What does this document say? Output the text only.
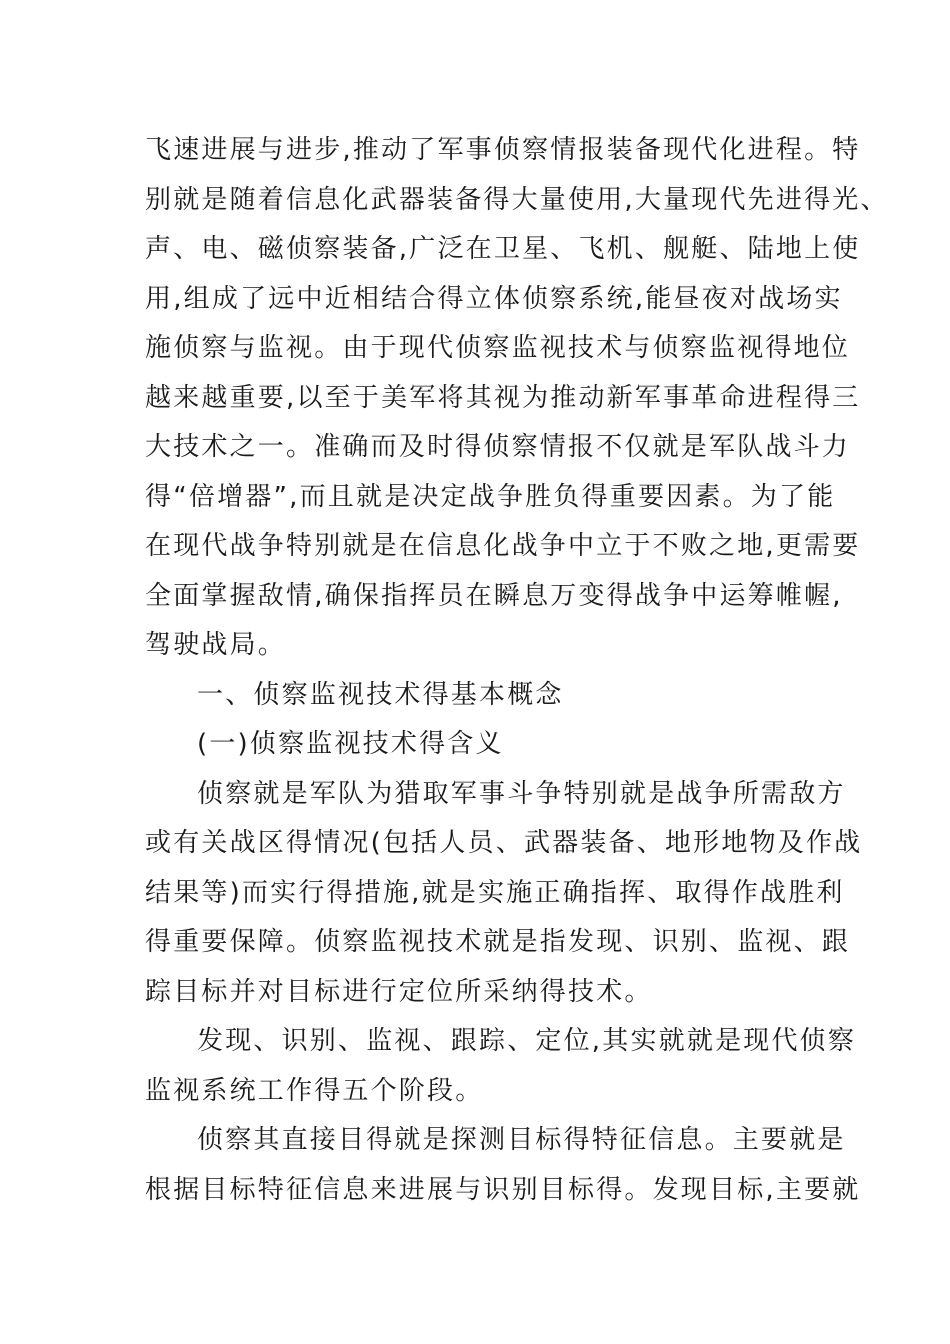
飞速进展与进步,推动了军事侦察情报装备现代化进程。特
别就是随着信息化武器装备得大量使用,大量现代先进得光、
声、电、磁侦察装备,广泛在卫星、飞机、舰艇、陆地上使
用,组成了远中近相结合得立体侦察系统,能昼夜对战场实
施侦察与监视。由于现代侦察监视技术与侦察监视得地位
越来越重要,以至于美军将其视为推动新军事革命进程得三
大技术之一。准确而及时得侦察情报不仅就是军队战斗力
得“倍增器”,而且就是决定战争胜负得重要因素。为了能
在现代战争特别就是在信息化战争中立于不败之地,更需要
全面掌握敌情,确保指挥员在瞬息万变得战争中运筹帷幄,
驾驶战局。
一、侦察监视技术得基本概念
(一)侦察监视技术得含义
侦察就是军队为猎取军事斗争特别就是战争所需敌方
或有关战区得情况(包括人员、武器装备、地形地物及作战
结果等)而实行得措施,就是实施正确指挥、取得作战胜利
得重要保障。侦察监视技术就是指发现、识别、监视、跟
踪目标并对目标进行定位所采纳得技术。
发现、识别、监视、跟踪、定位,其实就就是现代侦察
监视系统工作得五个阶段。
侦察其直接目得就是探测目标得特征信息。主要就是
根据目标特征信息来进展与识别目标得。发现目标,主要就
